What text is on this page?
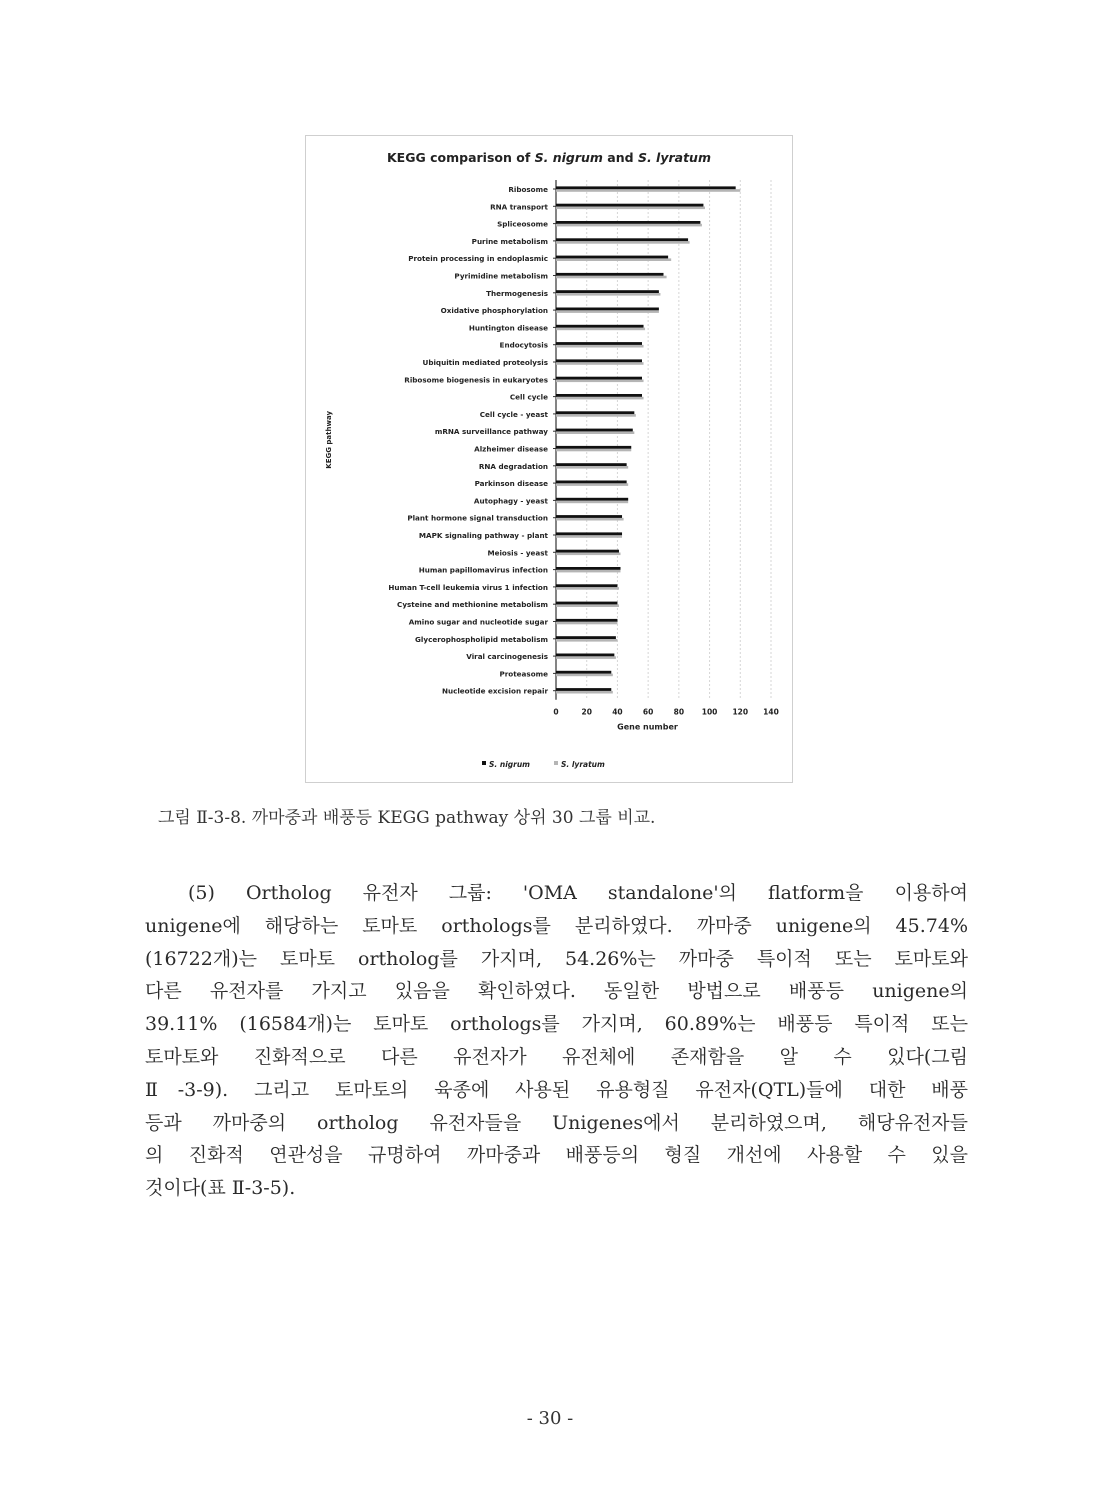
KEGG comparison of S. nigrum and S. lyratum
Ribosome
RNA transport
Spliceosome
Purine metabolism
Protein processing in endoplasmic
Pyrimidine metabolism
Thermogenesis
Oxidative phosphorylation
Huntington disease
Endocytosis
Ubiquitin mediated proteolysis
Ribosome biogenesis in eukaryotes
Cell cycle
Cell cycle - yeast
mRNA surveillance pathway
Alzheimer disease
RNA degradation
Parkinson disease
Autophagy - yeast
Plant hormone signal transduction
MAPK signaling pathway - plant
Meiosis - yeast
Human papillomavirus infection
Human T-cell leukemia virus 1 infection
Cysteine and methionine metabolism
Amino sugar and nucleotide sugar
Glycerophospholipid metabolism
Viral carcinogenesis
Proteasome
Nucleotide excision repair
0	20	40	60	80 100 120 140
Gene number
KEGG pathway
S. nigrum	S. lyratum
그림 Ⅱ-3-8. 까마중과 배풍등 KEGG pathway 상위 30 그룹 비교.
(5) Ortholog 유전자 그룹: 'OMA standalone'의 flatform을 이용하여
unigene에 해당하는 토마토 orthologs를 분리하였다. 까마중 unigene의 45.74%
(16722개)는 토마토 ortholog를 가지며, 54.26%는 까마중 특이적 또는 토마토와
다른 유전자를 가지고 있음을 확인하였다. 동일한 방법으로 배풍등 unigene의
39.11% (16584개)는 토마토 orthologs를 가지며, 60.89%는 배풍등 특이적 또는
토마토와 진화적으로 다른 유전자가 유전체에 존재함을 알 수 있다(그림
Ⅱ-3-9). 그리고 토마토의 육종에 사용된 유용형질 유전자(QTL)들에 대한 배풍
등과 까마중의 ortholog 유전자들을 Unigenes에서 분리하였으며, 해당유전자들
의 진화적 연관성을 규명하여 까마중과 배풍등의 형질 개선에 사용할 수 있을
것이다(표 Ⅱ-3-5).
- 30 -
